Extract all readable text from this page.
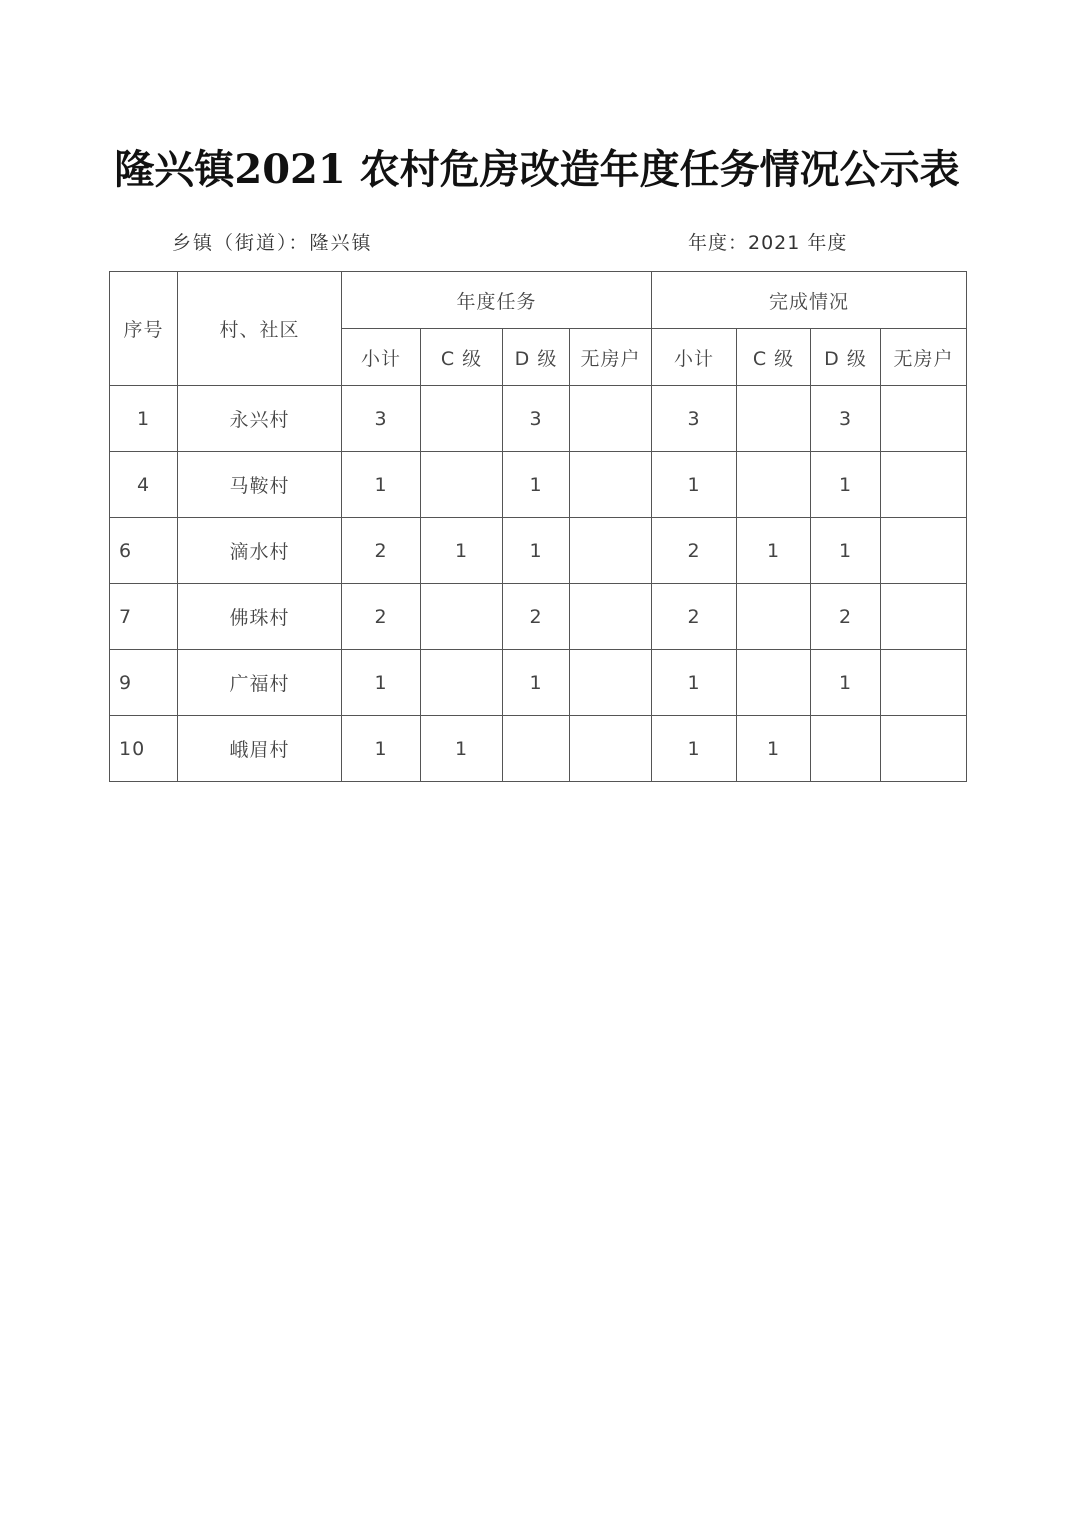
隆兴镇2021 农村危房改造年度任务情况公示表
乡镇（街道）：隆兴镇	年度：2021 年度
序号	村、社区	年度任务				完成情况			
		小计	C 级	D 级	无房户	小计	C 级	D 级	无房户
1	永兴村	3		3		3		3	
4	马鞍村	1		1		1		1	
6	滴水村	2	1	1		2	1	1	
7	佛珠村	2		2		2		2	
9	广福村	1		1		1		1	
10	峨眉村	1	1			1	1		
